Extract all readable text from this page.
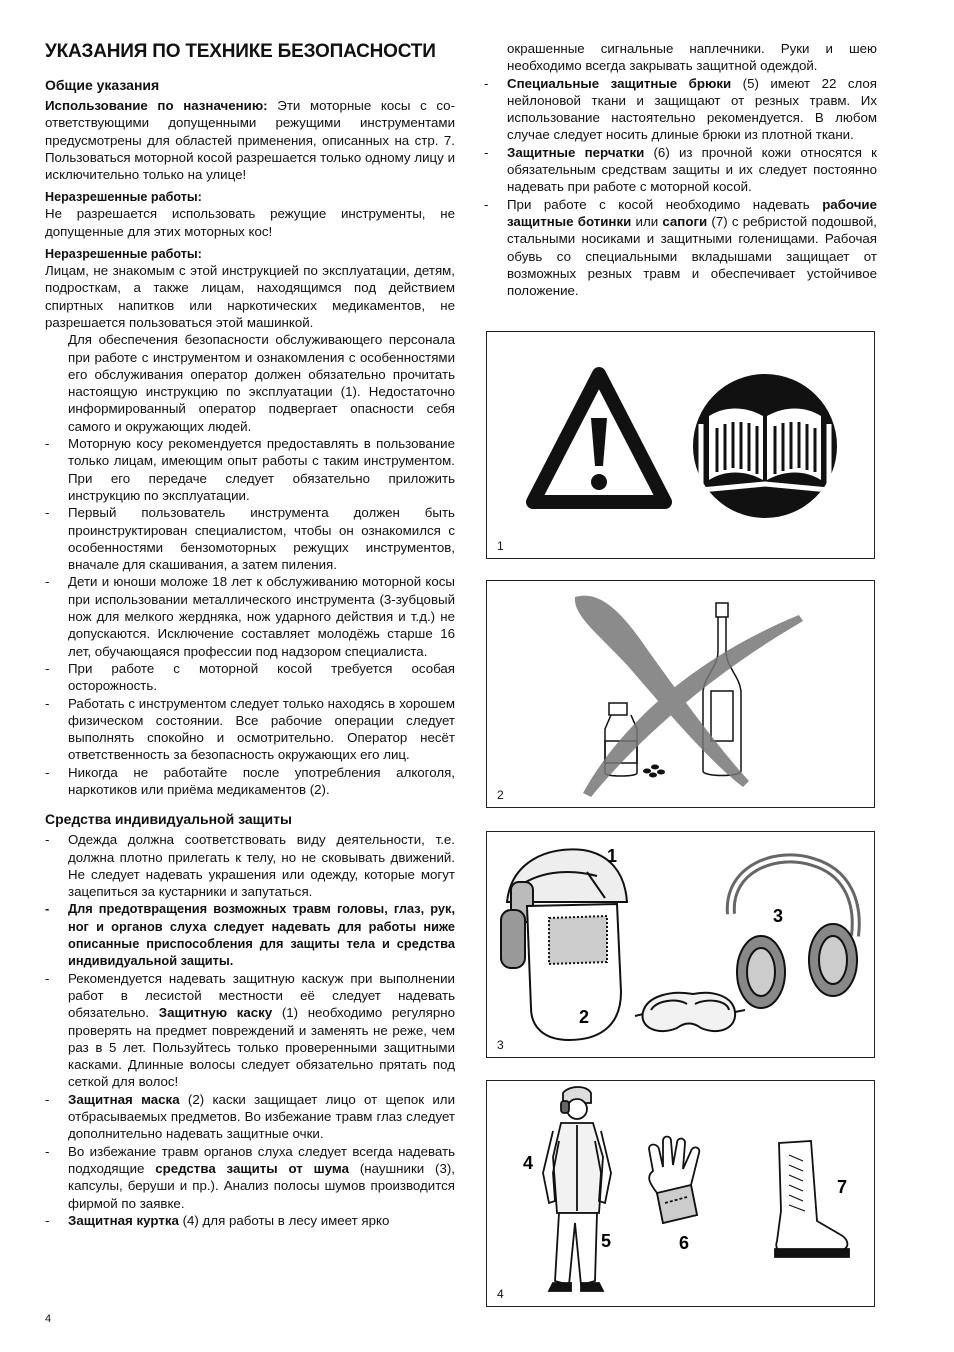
УКАЗАНИЯ ПО ТЕХНИКЕ БЕЗОПАСНОСТИ
Общие указания

Использование по назначению: Эти моторные косы с соответствующими допущенными режущими инструментами предусмотрены для областей применения, описанных на стр. 7. Пользоваться моторной косой разрешается только одному лицу и исключительно только на улице!

Неразрешенные работы:

Не разрешается использовать режущие инструменты, не допущенные для этих моторных кос!

Неразрешенные работы:

Лицам, не знакомым с этой инструкцией по эксплуатации, детям, подросткам, а также лицам, находящимся под действием спиртных напитков или наркотических медикаментов, не разрешается пользоваться этой машинкой.

Для обеспечения безопасности обслуживающего персонала при работе с инструментом и ознакомления с особенностями его обслуживания оператор должен обязательно прочитать настоящую инструкцию по эксплуатации (1). Недостаточно информированный оператор подвергает опасности себя самого и окружающих людей.
- Моторную косу рекомендуется предоставлять в пользование только лицам, имеющим опыт работы с таким инструментом. При его передаче следует обязательно приложить инструкцию по эксплуатации.
- Первый пользователь инструмента должен быть проинструктирован специалистом, чтобы он ознакомился с особенностями бензомоторных режущих инструментов, вначале для скашивания, а затем пиления.
- Дети и юноши моложе 18 лет к обслуживанию моторной косы при использовании металлического инструмента (3-зубцовый нож для мелкого жердняка, нож ударного действия и т.д.) не допускаются. Исключение составляет молодёжь старше 16 лет, обучающаяся профессии под надзором специалиста.
- При работе с моторной косой требуется особая осторожность.
- Работать с инструментом следует только находясь в хорошем физическом состоянии. Все рабочие операции следует выполнять спокойно и осмотрительно. Оператор несёт ответственность за безопасность окружающих его лиц.
- Никогда не работайте после употребления алкоголя, наркотиков или приёма медикаментов (2).
Средства индивидуальной защиты
- Одежда должна соответствовать виду деятельности, т.е. должна плотно прилегать к телу, но не сковывать движений. Не следует надевать украшения или одежду, которые могут зацепиться за кустарники и запутаться.
- Для предотвращения возможных травм головы, глаз, рук, ног и органов слуха следует надевать для работы ниже описанные приспособления для защиты тела и средства индивидуальной защиты.
- Рекомендуется надевать защитную каскуж при выполнении работ в лесистой местности её следует надевать обязательно. Защитную каску (1) необходимо регулярно проверять на предмет повреждений и заменять не реже, чем раз в 5 лет. Пользуйтесь только проверенными защитными касками. Длинные волосы следует обязательно прятать под сеткой для волос!
- Защитная маска (2) каски защищает лицо от щепок или отбрасываемых предметов. Во избежание травм глаз следует дополнительно надевать защитные очки.
- Во избежание травм органов слуха следует всегда надевать подходящие средства защиты от шума (наушники (3), капсулы, беруши и пр.). Анализ полосы шумов производится фирмой по заявке.
- Защитная куртка (4) для работы в лесу имеет ярко
окрашенные сигнальные наплечники. Руки и шею необходимо всегда закрывать защитной одеждой.
- Специальные защитные брюки (5) имеют 22 слоя нейлоновой ткани и защищают от резных травм. Их использование настоятельно рекомендуется. В любом случае следует носить длиные брюки из плотной ткани.
- Защитные перчатки (6) из прочной кожи относятся к обязательным средствам защиты и их следует постоянно надевать при работе с моторной косой.
- При работе с косой необходимо надевать рабочие защитные ботинки или сапоги (7) с ребристой подошвой, стальными носиками и защитными голенищами. Рабочая обувь со специальными вкладышами защищает от возможных резных травм и обеспечивает устойчивое положение.
1
2
1
2
3
3
4
5	6
7
4
4
